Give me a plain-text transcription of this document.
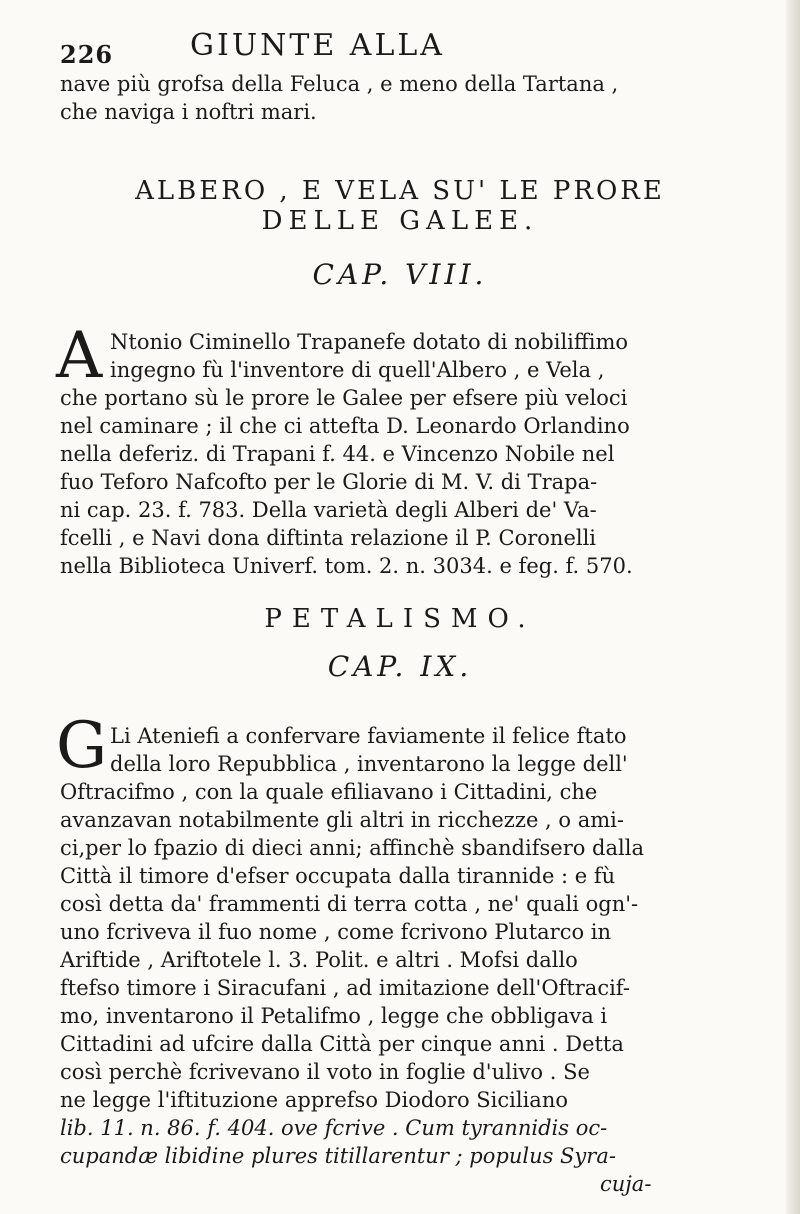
226	GIUNTE ALLA
nave più grofsa della Feluca , e meno della Tartana ,
che naviga i noftri mari.
ALBERO , E VELA SU' LE PRORE
DELLE GALEE.
CAP. VIII.
A Ntonio Ciminello Trapanefe dotato di nobiliffimo
ingegno fù l'inventore di quell'Albero , e Vela ,
che portano sù le prore le Galee per efsere più veloci
nel caminare ; il che ci attefta D. Leonardo Orlandino
nella deferiz. di Trapani f. 44. e Vincenzo Nobile nel
fuo Teforo Nafcofto per le Glorie di M. V. di Trapa-
ni cap. 23. f. 783. Della varietà degli Alberi de' Va-
fcelli , e Navi dona diftinta relazione il P. Coronelli
nella Biblioteca Univerf. tom. 2. n. 3034. e feg. f. 570.
PETALISMO.
CAP. IX.
G Li Ateniefi a confervare faviamente il felice ftato
della loro Repubblica , inventarono la legge dell'
Oftracifmo , con la quale efiliavano i Cittadini, che
avanzavan notabilmente gli altri in ricchezze , o ami-
ci,per lo fpazio di dieci anni; affinchè sbandifsero dalla
Città il timore d'efser occupata dalla tirannide : e fù
così detta da' frammenti di terra cotta , ne' quali ogn'-
uno fcriveva il fuo nome , come fcrivono Plutarco in
Ariftide , Ariftotele l. 3. Polit. e altri . Mofsi dallo
ftefso timore i Siracufani , ad imitazione dell'Oftracif-
mo, inventarono il Petalifmo , legge che obbligava i
Cittadini ad ufcire dalla Città per cinque anni . Detta
così perchè fcrivevano il voto in foglie d'ulivo . Se
ne legge l'iftituzione apprefso Diodoro Siciliano
lib. 11. n. 86. f. 404. ove fcrive . Cum tyrannidis oc-
cupandæ libidine plures titillarentur ; populus Syra-
cuja-
